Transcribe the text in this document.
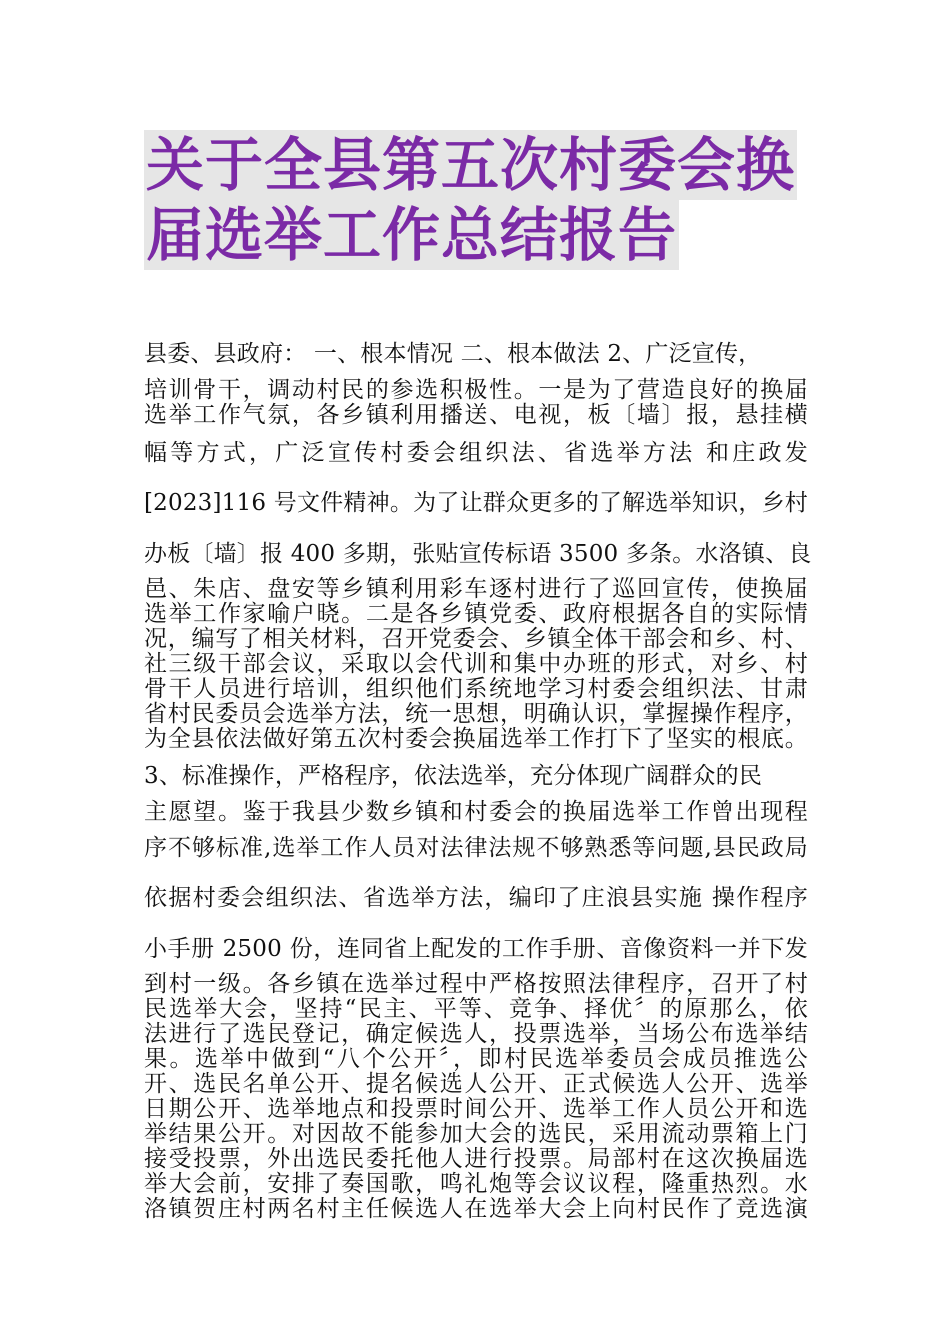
关于全县第五次村委会换
届选举工作总结报告
县委、县政府： 一、根本情况 二、根本做法 2、广泛宣传，
培训骨干，调动村民的参选积极性。一是为了营造良好的换届
选举工作气氛，各乡镇利用播送、电视，板〔墙〕报，悬挂横
幅等方式，广泛宣传村委会组织法、省选举方法 和庄政发
[2023]116 号文件精神。为了让群众更多的了解选举知识，乡村
办板〔墙〕报 400 多期，张贴宣传标语 3500 多条。水洛镇、良
邑、朱店、盘安等乡镇利用彩车逐村进行了巡回宣传，使换届
选举工作家喻户晓。二是各乡镇党委、政府根据各自的实际情
况，编写了相关材料，召开党委会、乡镇全体干部会和乡、村、
社三级干部会议，采取以会代训和集中办班的形式，对乡、村
骨干人员进行培训，组织他们系统地学习村委会组织法、甘肃
省村民委员会选举方法，统一思想，明确认识，掌握操作程序，
为全县依法做好第五次村委会换届选举工作打下了坚实的根底。
3、标准操作，严格程序，依法选举，充分体现广阔群众的民
主愿望。鉴于我县少数乡镇和村委会的换届选举工作曾出现程
序不够标准,选举工作人员对法律法规不够熟悉等问题,县民政局
依据村委会组织法、省选举方法，编印了庄浪县实施 操作程序
小手册 2500 份，连同省上配发的工作手册、音像资料一并下发
到村一级。各乡镇在选举过程中严格按照法律程序，召开了村
民选举大会，坚持“民主、平等、竞争、择优〞的原那么，依
法进行了选民登记，确定候选人，投票选举，当场公布选举结
果。选举中做到“八个公开〞，即村民选举委员会成员推选公
开、选民名单公开、提名候选人公开、正式候选人公开、选举
日期公开、选举地点和投票时间公开、选举工作人员公开和选
举结果公开。对因故不能参加大会的选民，采用流动票箱上门
接受投票，外出选民委托他人进行投票。局部村在这次换届选
举大会前，安排了奏国歌，鸣礼炮等会议议程，隆重热烈。水
洛镇贺庄村两名村主任候选人在选举大会上向村民作了竞选演
